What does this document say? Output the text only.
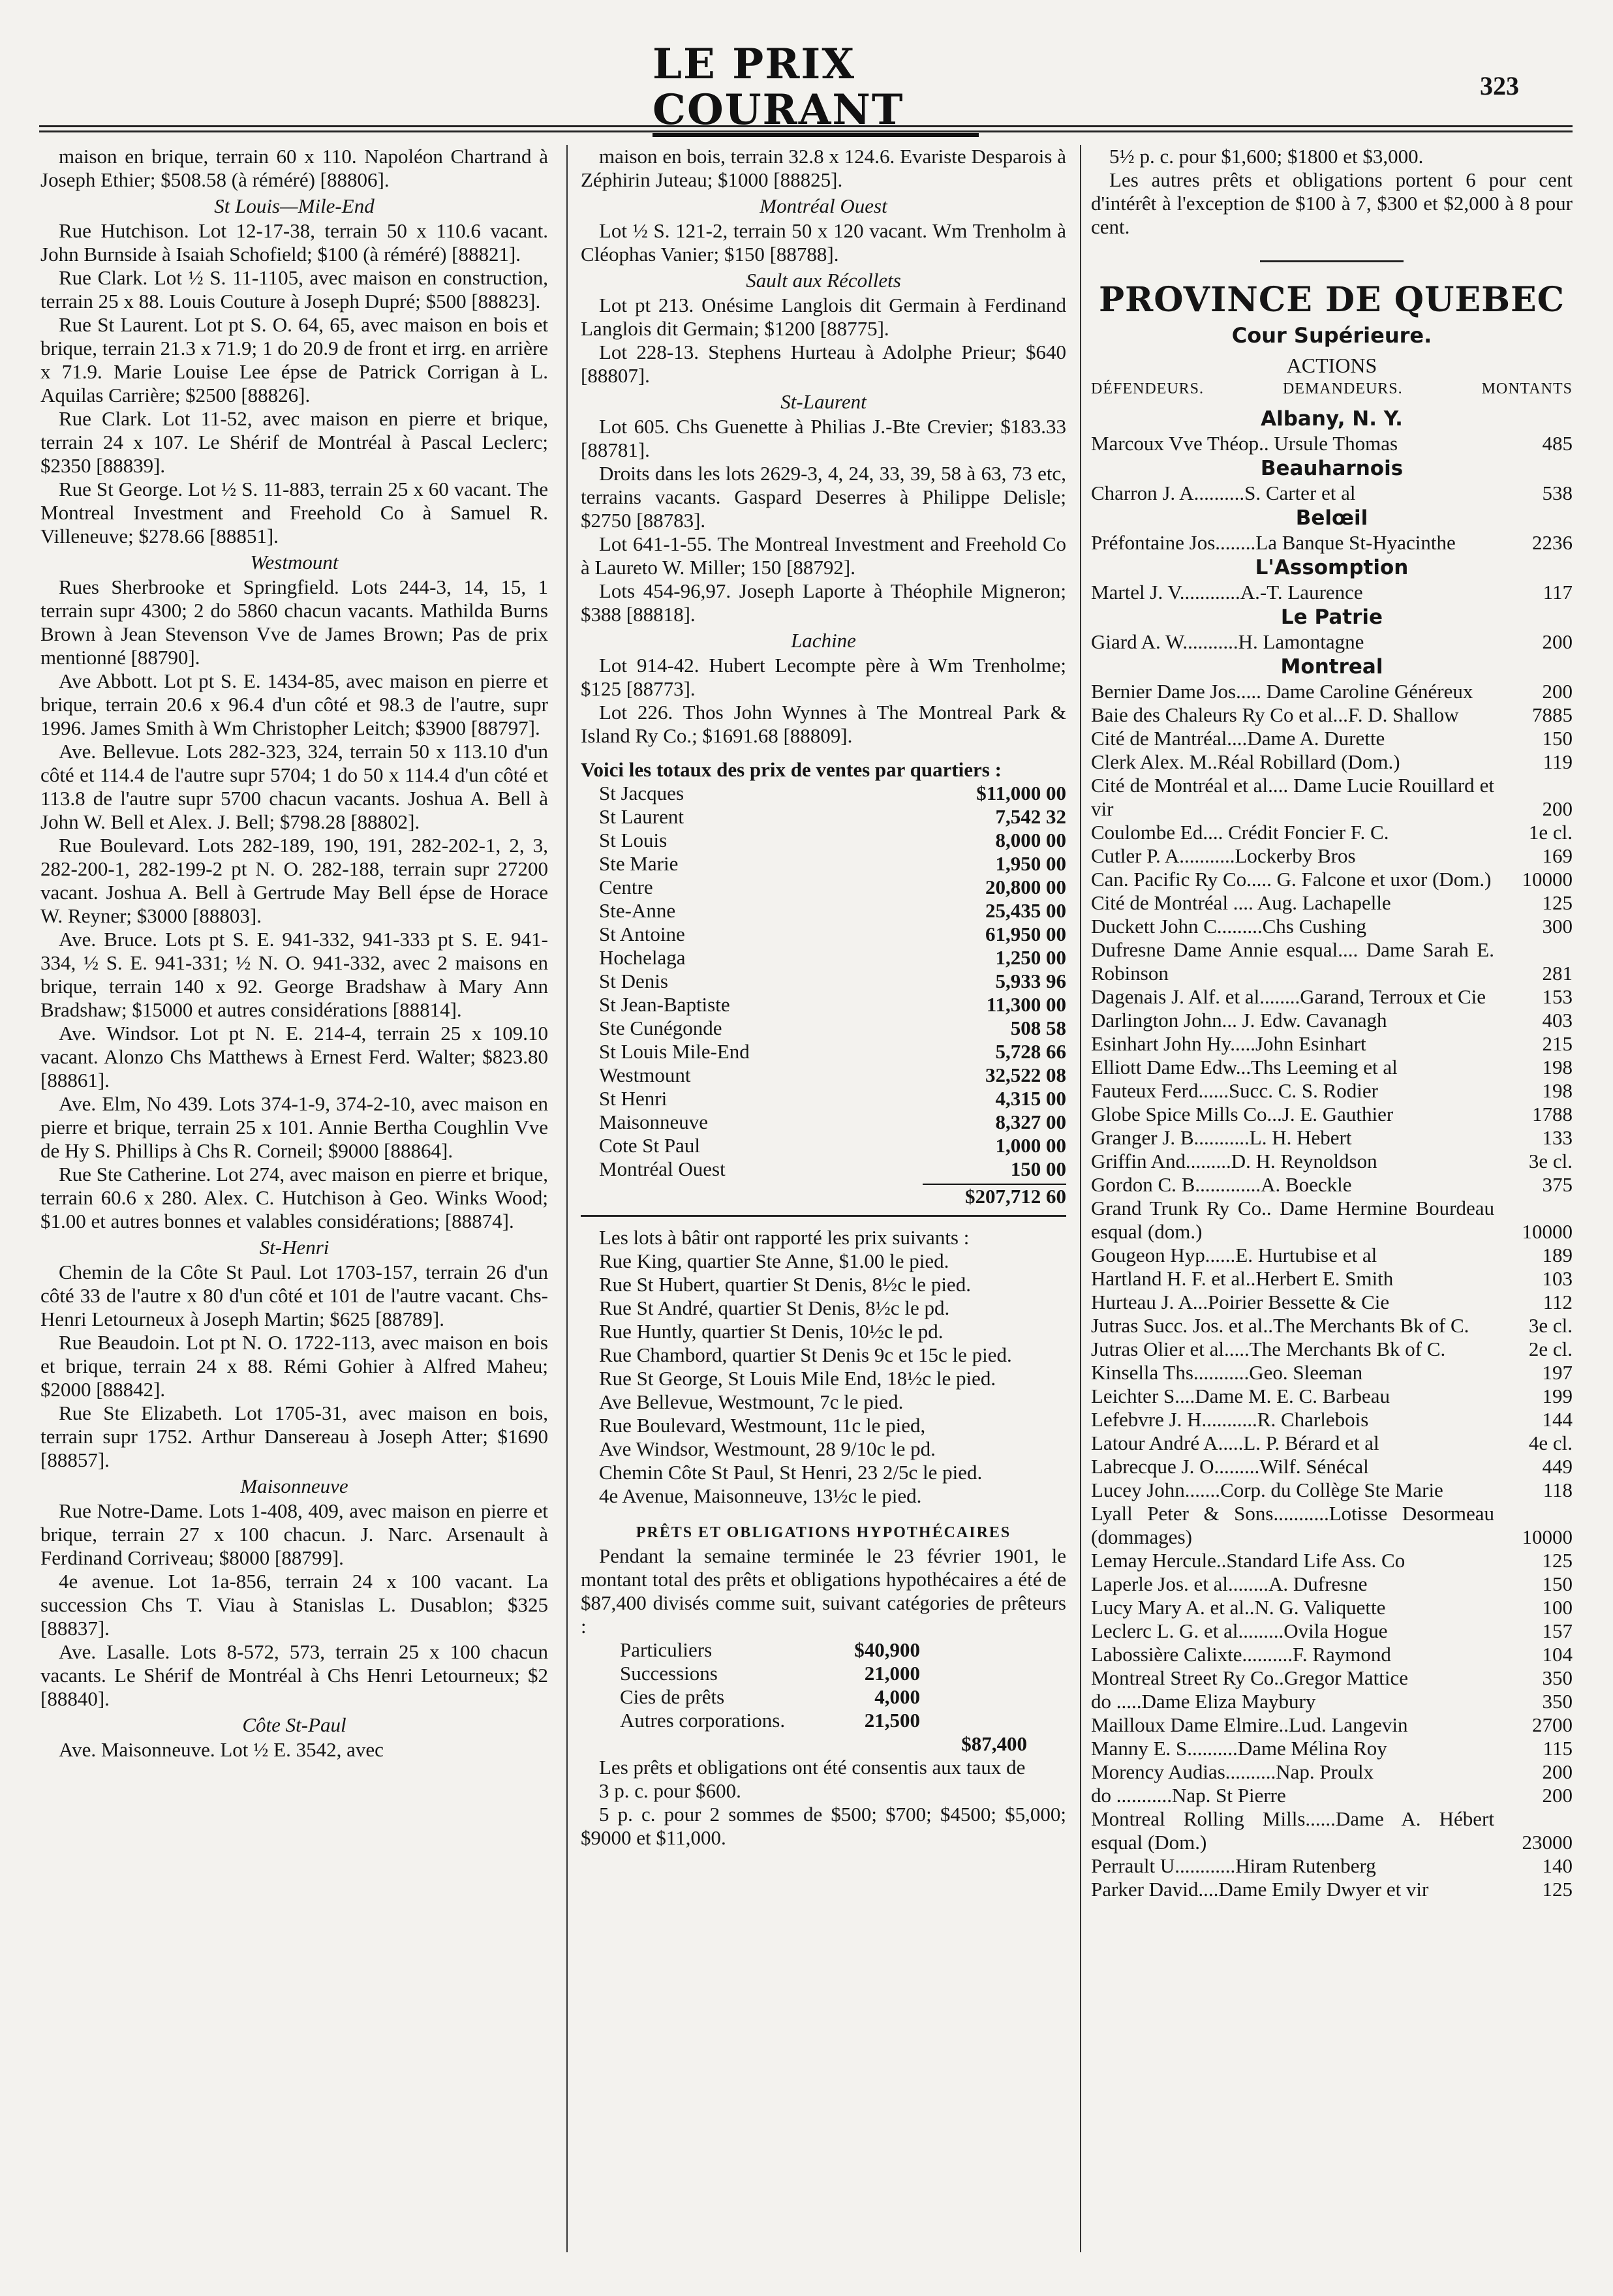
LE PRIX COURANT	323

maison en brique, terrain 60 x 110. Napoléon Chartrand à Joseph Ethier; $508.58 (à réméré) [88806].

St Louis—Mile-End

Rue Hutchison. Lot 12-17-38, terrain 50 x 110.6 vacant. John Burnside à Isaiah Schofield; $100 (à réméré) [88821].

Rue Clark. Lot ½ S. 11-1105, avec maison en construction, terrain 25 x 88. Louis Couture à Joseph Dupré; $500 [88823].

Rue St Laurent. Lot pt S. O. 64, 65, avec maison en bois et brique, terrain 21.3 x 71.9; 1 do 20.9 de front et irrg. en arrière x 71.9. Marie Louise Lee épse de Patrick Corrigan à L. Aquilas Carrière; $2500 [88826].

Rue Clark. Lot 11-52, avec maison en pierre et brique, terrain 24 x 107. Le Shérif de Montréal à Pascal Leclerc; $2350 [88839].

Rue St George. Lot ½ S. 11-883, terrain 25 x 60 vacant. The Montreal Investment and Freehold Co à Samuel R. Villeneuve; $278.66 [88851].

Westmount

Rues Sherbrooke et Springfield. Lots 244-3, 14, 15, 1 terrain supr 4300; 2 do 5860 chacun vacants. Mathilda Burns Brown à Jean Stevenson Vve de James Brown; Pas de prix mentionné [88790].

Ave Abbott. Lot pt S. E. 1434-85, avec maison en pierre et brique, terrain 20.6 x 96.4 d'un côté et 98.3 de l'autre, supr 1996. James Smith à Wm Christopher Leitch; $3900 [88797].

Ave. Bellevue. Lots 282-323, 324, terrain 50 x 113.10 d'un côté et 114.4 de l'autre supr 5704; 1 do 50 x 114.4 d'un côté et 113.8 de l'autre supr 5700 chacun vacants. Joshua A. Bell à John W. Bell et Alex. J. Bell; $798.28 [88802].

Rue Boulevard. Lots 282-189, 190, 191, 282-202-1, 2, 3, 282-200-1, 282-199-2 pt N. O. 282-188, terrain supr 27200 vacant. Joshua A. Bell à Gertrude May Bell épse de Horace W. Reyner; $3000 [88803].

Ave. Bruce. Lots pt S. E. 941-332, 941-333 pt S. E. 941-334, ½ S. E. 941-331; ½ N. O. 941-332, avec 2 maisons en brique, terrain 140 x 92. George Bradshaw à Mary Ann Bradshaw; $15000 et autres considérations [88814].

Ave. Windsor. Lot pt N. E. 214-4, terrain 25 x 109.10 vacant. Alonzo Chs Matthews à Ernest Ferd. Walter; $823.80 [88861].

Ave. Elm, No 439. Lots 374-1-9, 374-2-10, avec maison en pierre et brique, terrain 25 x 101. Annie Bertha Coughlin Vve de Hy S. Phillips à Chs R. Corneil; $9000 [88864].

Rue Ste Catherine. Lot 274, avec maison en pierre et brique, terrain 60.6 x 280. Alex. C. Hutchison à Geo. Winks Wood; $1.00 et autres bonnes et valables considérations; [88874].

St-Henri

Chemin de la Côte St Paul. Lot 1703-157, terrain 26 d'un côté 33 de l'autre x 80 d'un côté et 101 de l'autre vacant. Chs-Henri Letourneux à Joseph Martin; $625 [88789].

Rue Beaudoin. Lot pt N. O. 1722-113, avec maison en bois et brique, terrain 24 x 88. Rémi Gohier à Alfred Maheu; $2000 [88842].

Rue Ste Elizabeth. Lot 1705-31, avec maison en bois, terrain supr 1752. Arthur Dansereau à Joseph Atter; $1690 [88857].

Maisonneuve

Rue Notre-Dame. Lots 1-408, 409, avec maison en pierre et brique, terrain 27 x 100 chacun. J. Narc. Arsenault à Ferdinand Corriveau; $8000 [88799].

4e avenue. Lot 1a-856, terrain 24 x 100 vacant. La succession Chs T. Viau à Stanislas L. Dusablon; $325 [88837].

Ave. Lasalle. Lots 8-572, 573, terrain 25 x 100 chacun vacants. Le Shérif de Montréal à Chs Henri Letourneux; $2 [88840].

Côte St-Paul

Ave. Maisonneuve. Lot ½ E. 3542, avec

maison en bois, terrain 32.8 x 124.6. Evariste Desparois à Zéphirin Juteau; $1000 [88825].

Montréal Ouest

Lot ½ S. 121-2, terrain 50 x 120 vacant. Wm Trenholm à Cléophas Vanier; $150 [88788].

Sault aux Récollets

Lot pt 213. Onésime Langlois dit Germain à Ferdinand Langlois dit Germain; $1200 [88775].

Lot 228-13. Stephens Hurteau à Adolphe Prieur; $640 [88807].

St-Laurent

Lot 605. Chs Guenette à Philias J.-Bte Crevier; $183.33 [88781].

Droits dans les lots 2629-3, 4, 24, 33, 39, 58 à 63, 73 etc, terrains vacants. Gaspard Deserres à Philippe Delisle; $2750 [88783].

Lot 641-1-55. The Montreal Investment and Freehold Co à Laureto W. Miller; 150 [88792].

Lots 454-96,97. Joseph Laporte à Théophile Migneron; $388 [88818].

Lachine

Lot 914-42. Hubert Lecompte père à Wm Trenholme; $125 [88773].

Lot 226. Thos John Wynnes à The Montreal Park & Island Ry Co.; $1691.68 [88809].

Voici les totaux des prix de ventes par quartiers :

St Jacques	$11,000 00
St Laurent	7,542 32
St Louis	8,000 00
Ste Marie	1,950 00
Centre	20,800 00
Ste-Anne	25,435 00
St Antoine	61,950 00
Hochelaga	1,250 00
St Denis	5,933 96
St Jean-Baptiste	11,300 00
Ste Cunégonde	508 58
St Louis Mile-End	5,728 66
Westmount	32,522 08
St Henri	4,315 00
Maisonneuve	8,327 00
Cote St Paul	1,000 00
Montréal Ouest	150 00
$207,712 60

Les lots à bâtir ont rapporté les prix suivants :

Rue King, quartier Ste Anne, $1.00 le pied.

Rue St Hubert, quartier St Denis, 8½c le pied.

Rue St André, quartier St Denis, 8½c le pd.

Rue Huntly, quartier St Denis, 10½c le pd.

Rue Chambord, quartier St Denis 9c et 15c le pied.

Rue St George, St Louis Mile End, 18½c le pied.

Ave Bellevue, Westmount, 7c le pied.

Rue Boulevard, Westmount, 11c le pied,

Ave Windsor, Westmount, 28 9/10c le pd.

Chemin Côte St Paul, St Henri, 23 2/5c le pied.

4e Avenue, Maisonneuve, 13½c le pied.

PRÊTS ET OBLIGATIONS HYPOTHÉCAIRES

Pendant la semaine terminée le 23 février 1901, le montant total des prêts et obligations hypothécaires a été de $87,400 divisés comme suit, suivant catégories de prêteurs :

Particuliers	$40,900
Successions	21,000
Cies de prêts	4,000
Autres corporations.	21,500
$87,400

Les prêts et obligations ont été consentis aux taux de

3 p. c. pour $600.

5 p. c. pour 2 sommes de $500; $700; $4500; $5,000; $9000 et $11,000.

5½ p. c. pour $1,600; $1800 et $3,000.

Les autres prêts et obligations portent 6 pour cent d'intérêt à l'exception de $100 à 7, $300 et $2,000 à 8 pour cent.

PROVINCE DE QUEBEC
Cour Supérieure.
ACTIONS
DÉFENDEURS.	DEMANDEURS.	MONTANTS
Albany, N. Y.
Marcoux Vve Théop.. Ursule Thomas	485
Beauharnois
Charron J. A..........S. Carter et al	538
Belœil
Préfontaine Jos........La Banque St-Hyacinthe	2236
L'Assomption
Martel J. V............A.-T. Laurence	117
Le Patrie
Giard A. W...........H. Lamontagne	200
Montreal
Bernier Dame Jos..... Dame Caroline Généreux	200
Baie des Chaleurs Ry Co et al...F. D. Shallow	7885
Cité de Mantréal....Dame A. Durette	150
Clerk Alex. M..Réal Robillard (Dom.)	119
Cité de Montréal et al.... Dame Lucie Rouillard et vir	200
Coulombe Ed.... Crédit Foncier F. C.	1e cl.
Cutler P. A...........Lockerby Bros	169
Can. Pacific Ry Co..... G. Falcone et uxor (Dom.)	10000
Cité de Montréal .... Aug. Lachapelle	125
Duckett John C.........Chs Cushing	300
Dufresne Dame Annie esqual.... Dame Sarah E. Robinson	281
Dagenais J. Alf. et al........Garand, Terroux et Cie	153
Darlington John... J. Edw. Cavanagh	403
Esinhart John Hy.....John Esinhart	215
Elliott Dame Edw...Ths Leeming et al	198
Fauteux Ferd......Succ. C. S. Rodier	198
Globe Spice Mills Co...J. E. Gauthier	1788
Granger J. B...........L. H. Hebert	133
Griffin And.........D. H. Reynoldson	3e cl.
Gordon C. B.............A. Boeckle	375
Grand Trunk Ry Co.. Dame Hermine Bourdeau esqual (dom.)	10000
Gougeon Hyp......E. Hurtubise et al	189
Hartland H. F. et al..Herbert E. Smith	103
Hurteau J. A...Poirier Bessette & Cie	112
Jutras Succ. Jos. et al..The Merchants Bk of C.	3e cl.
Jutras Olier et al.....The Merchants Bk of C.	2e cl.
Kinsella Ths...........Geo. Sleeman	197
Leichter S....Dame M. E. C. Barbeau	199
Lefebvre J. H...........R. Charlebois	144
Latour André A.....L. P. Bérard et al	4e cl.
Labrecque J. O.........Wilf. Sénécal	449
Lucey John.......Corp. du Collège Ste Marie	118
Lyall Peter & Sons...........Lotisse Desormeau (dommages)	10000
Lemay Hercule..Standard Life Ass. Co	125
Laperle Jos. et al........A. Dufresne	150
Lucy Mary A. et al..N. G. Valiquette	100
Leclerc L. G. et al.........Ovila Hogue	157
Labossière Calixte..........F. Raymond	104
Montreal Street Ry Co..Gregor Mattice	350
do .....Dame Eliza Maybury	350
Mailloux Dame Elmire..Lud. Langevin	2700
Manny E. S..........Dame Mélina Roy	115
Morency Audias..........Nap. Proulx	200
do ...........Nap. St Pierre	200
Montreal Rolling Mills......Dame A. Hébert esqual (Dom.)	23000
Perrault U............Hiram Rutenberg	140
Parker David....Dame Emily Dwyer et vir	125
